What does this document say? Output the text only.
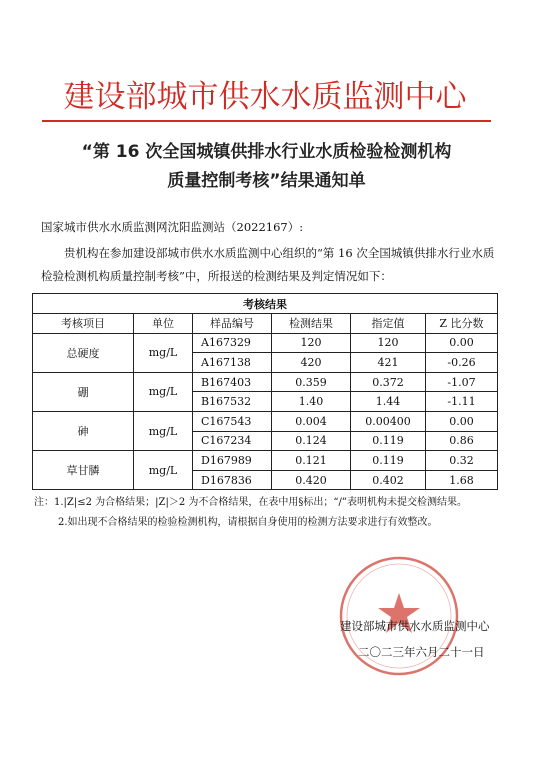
建设部城市供水水质监测中心
“第 16 次全国城镇供排水行业水质检验检测机构
质量控制考核”结果通知单
国家城市供水水质监测网沈阳监测站（2022167）:
贵机构在参加建设部城市供水水质监测中心组织的“第 16 次全国城镇供排水行业水质检验检测机构质量控制考核”中，所报送的检测结果及判定情况如下：
考核结果					
考核项目	单位	样品编号	检测结果	指定值	Z 比分数
总硬度	mg/L	A167329	120	120	0.00
		A167138	420	421	-0.26
硼	mg/L	B167403	0.359	0.372	-1.07
		B167532	1.40	1.44	-1.11
砷	mg/L	C167543	0.004	0.00400	0.00
		C167234	0.124	0.119	0.86
草甘膦	mg/L	D167989	0.121	0.119	0.32
		D167836	0.420	0.402	1.68
注：1.|Z|≤2 为合格结果；|Z|＞2 为不合格结果，在表中用§标出；“/”表明机构未提交检测结果。
2.如出现不合格结果的检验检测机构，请根据自身使用的检测方法要求进行有效整改。
建设部城市供水水质监测中心
二〇二三年六月二十一日
